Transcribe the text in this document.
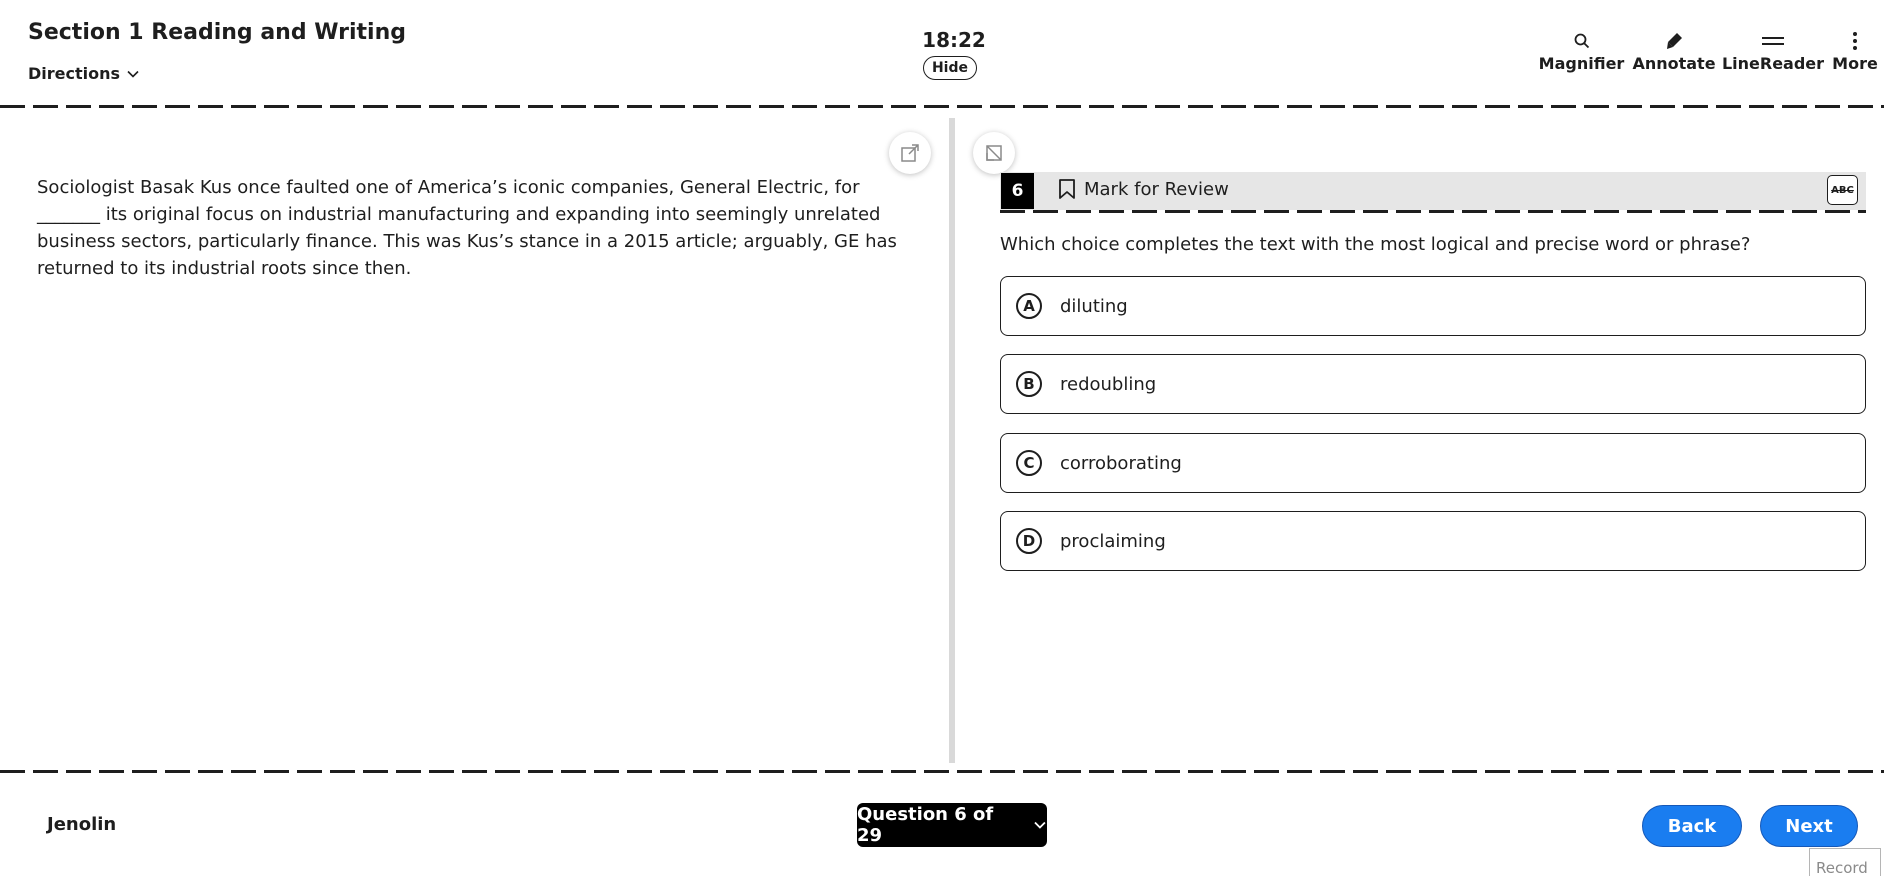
Section 1 Reading and Writing
Directions
18:22
Hide	Magnifier Annotate LineReader More
Sociologist Basak Kus once faulted one of America’s iconic companies, General Electric, for _______ its original focus on industrial manufacturing and expanding into seemingly unrelated business sectors, particularly finance. This was Kus’s stance in a 2015 article; arguably, GE has returned to its industrial roots since then.
6	Mark for Review	ABC
Which choice completes the text with the most logical and precise word or phrase?
A	diluting
B	redoubling
C	corroborating
D	proclaiming
Jenolin	Question 6 of 29	Back	Next
Record
